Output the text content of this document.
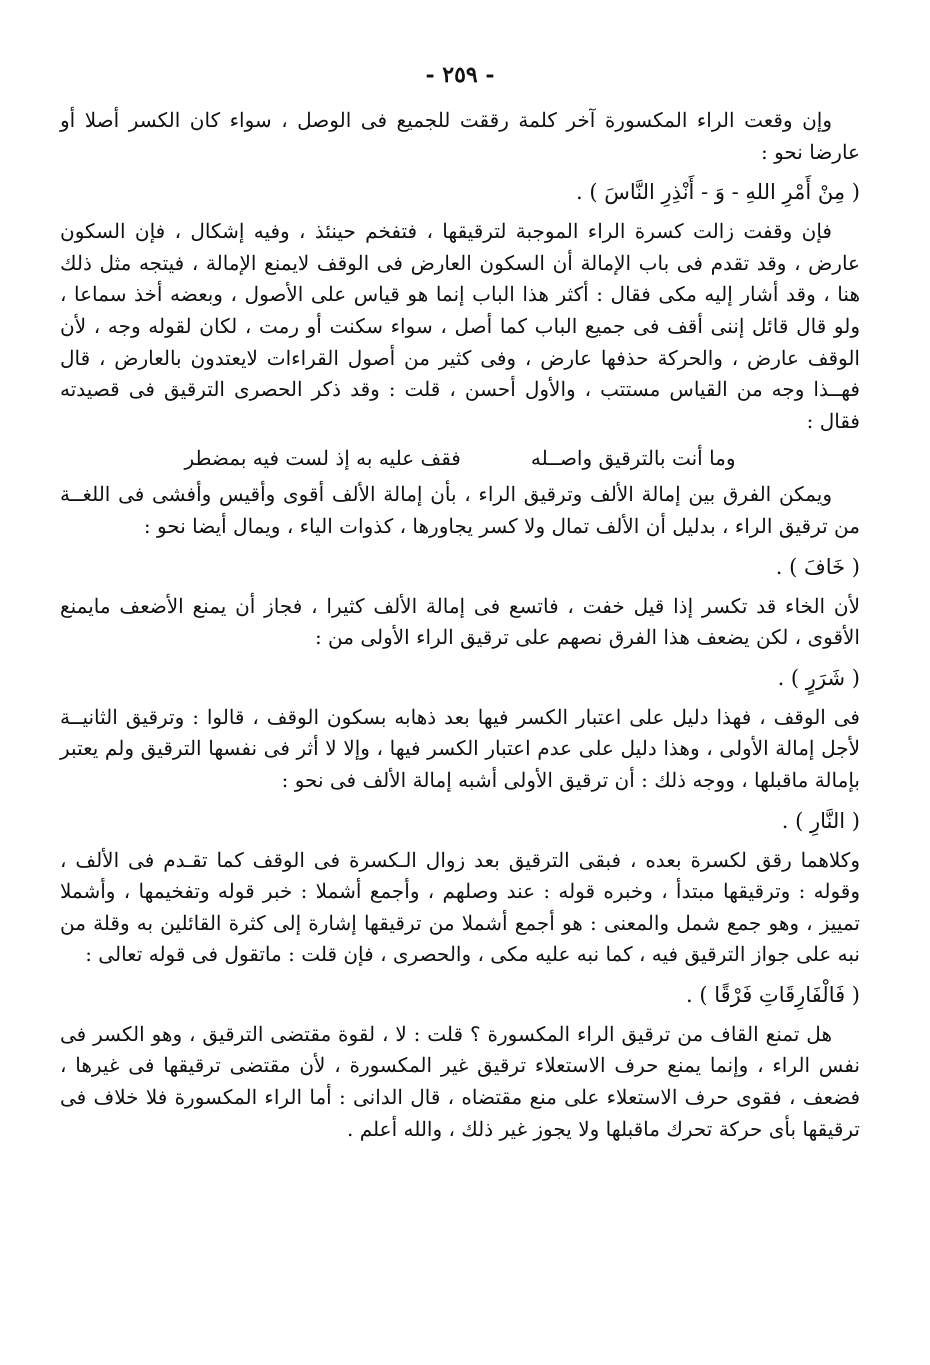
- ٢٥٩ -

وإن وقعت الراء المكسورة آخر كلمة رققت للجميع فى الوصل ، سواء كان الكسر أصلا أو عارضا نحو :

( مِنْ أَمْرِ اللهِ - وَ - أَنْذِرِ النَّاسَ ) .

فإن وقفت زالت كسرة الراء الموجبة لترقيقها ، فتفخم حينئذ ، وفيه إشكال ، فإن السكون عارض ، وقد تقدم فى باب الإمالة أن السكون العارض فى الوقف لايمنع الإمالة ، فيتجه مثل ذلك هنا ، وقد أشار إليه مكى فقال : أكثر هذا الباب إنما هو قياس على الأصول ، وبعضه أخذ سماعا ، ولو قال قائل إننى أقف فى جميع الباب كما أصل ، سواء سكنت أو رمت ، لكان لقوله وجه ، لأن الوقف عارض ، والحركة حذفها عارض ، وفى كثير من أصول القراءات لايعتدون بالعارض ، قال فهــذا وجه من القياس مستتب ، والأول أحسن ، قلت : وقد ذكر الحصرى الترقيق فى قصيدته فقال :

وما أنت بالترقيق واصــله
فقف عليه به إذ لست فيه بمضطر

ويمكن الفرق بين إمالة الألف وترقيق الراء ، بأن إمالة الألف أقوى وأقيس وأفشى فى اللغــة من ترقيق الراء ، بدليل أن الألف تمال ولا كسر يجاورها ، كذوات الياء ، ويمال أيضا نحو :

( خَافَ ) .

لأن الخاء قد تكسر إذا قيل خفت ، فاتسع فى إمالة الألف كثيرا ، فجاز أن يمنع الأضعف مايمنع الأقوى ، لكن يضعف هذا الفرق نصهم على ترقيق الراء الأولى من :

( شَرَرٍ ) .

فى الوقف ، فهذا دليل على اعتبار الكسر فيها بعد ذهابه بسكون الوقف ، قالوا : وترقيق الثانيــة لأجل إمالة الأولى ، وهذا دليل على عدم اعتبار الكسر فيها ، وإلا لا أثر فى نفسها الترقيق ولم يعتبر بإمالة ماقبلها ، ووجه ذلك : أن ترقيق الأولى أشبه إمالة الألف فى نحو :

( النَّارِ ) .

وكلاهما رقق لكسرة بعده ، فبقى الترقيق بعد زوال الـكسرة فى الوقف كما تقـدم فى الألف ، وقوله : وترقيقها مبتدأ ، وخبره قوله : عند وصلهم ، وأجمع أشملا : خبر قوله وتفخيمها ، وأشملا تمييز ، وهو جمع شمل والمعنى : هو أجمع أشملا من ترقيقها إشارة إلى كثرة القائلين به وقلة من نبه على جواز الترقيق فيه ، كما نبه عليه مكى ، والحصرى ، فإن قلت : ماتقول فى قوله تعالى :

( فَالْفَارِقَاتِ فَرْقًا ) .

هل تمنع القاف من ترقيق الراء المكسورة ؟ قلت : لا ، لقوة مقتضى الترقيق ، وهو الكسر فى نفس الراء ، وإنما يمنع حرف الاستعلاء ترقيق غير المكسورة ، لأن مقتضى ترقيقها فى غيرها ، فضعف ، فقوى حرف الاستعلاء على منع مقتضاه ، قال الدانى : أما الراء المكسورة فلا خلاف فى ترقيقها بأى حركة تحرك ماقبلها ولا يجوز غير ذلك ، والله أعلم .
